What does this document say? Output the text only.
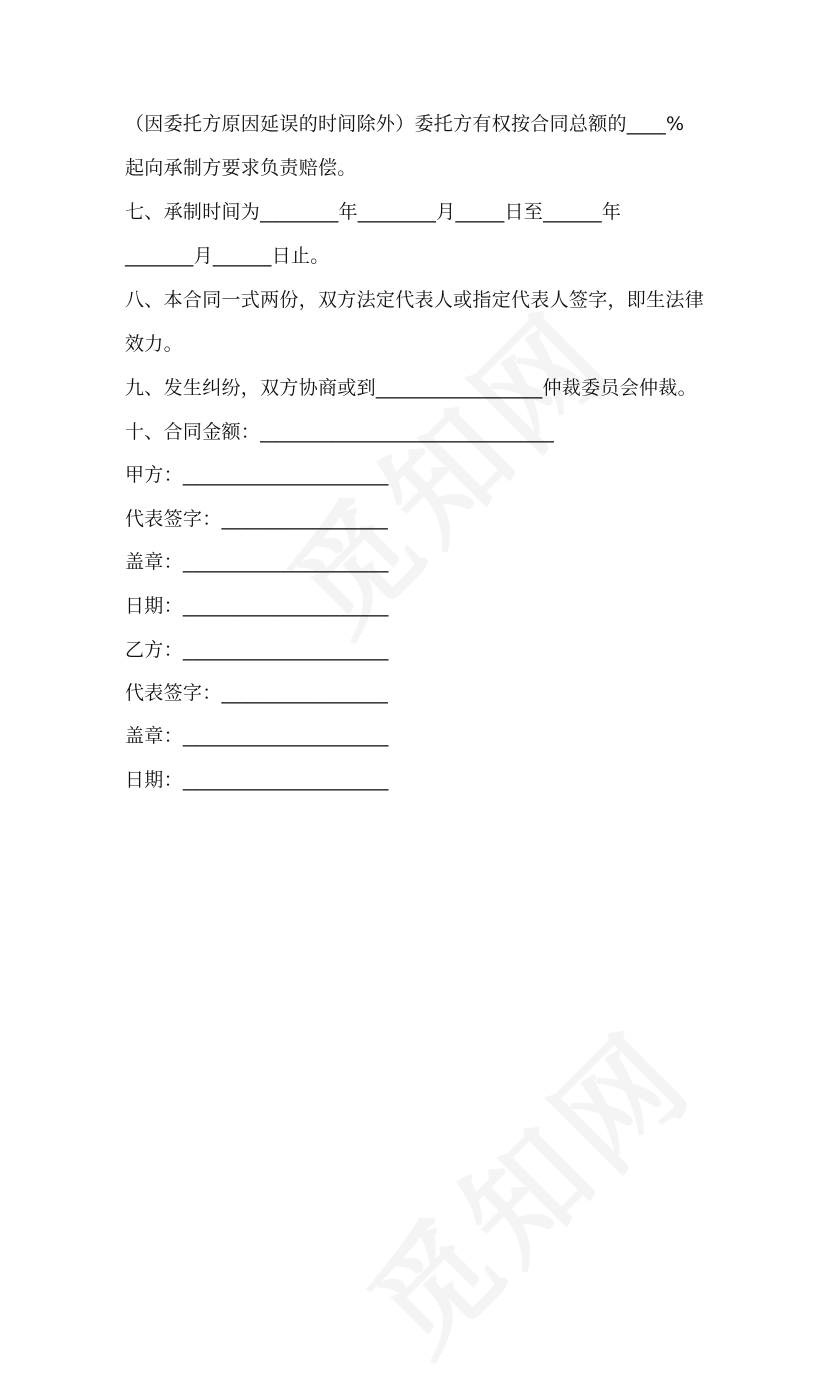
（因委托方原因延误的时间除外）委托方有权按合同总额的____%
起向承制方要求负责赔偿。
七、承制时间为________年________月_____日至______年
_______月______日止。
八、本合同一式两份，双方法定代表人或指定代表人签字，即生法律
效力。
九、发生纠纷，双方协商或到_________________仲裁委员会仲裁。
十、合同金额：______________________________
甲方：_____________________
代表签字：_________________
盖章：_____________________
日期：_____________________
乙方：_____________________
代表签字：_________________
盖章：_____________________
日期：_____________________
